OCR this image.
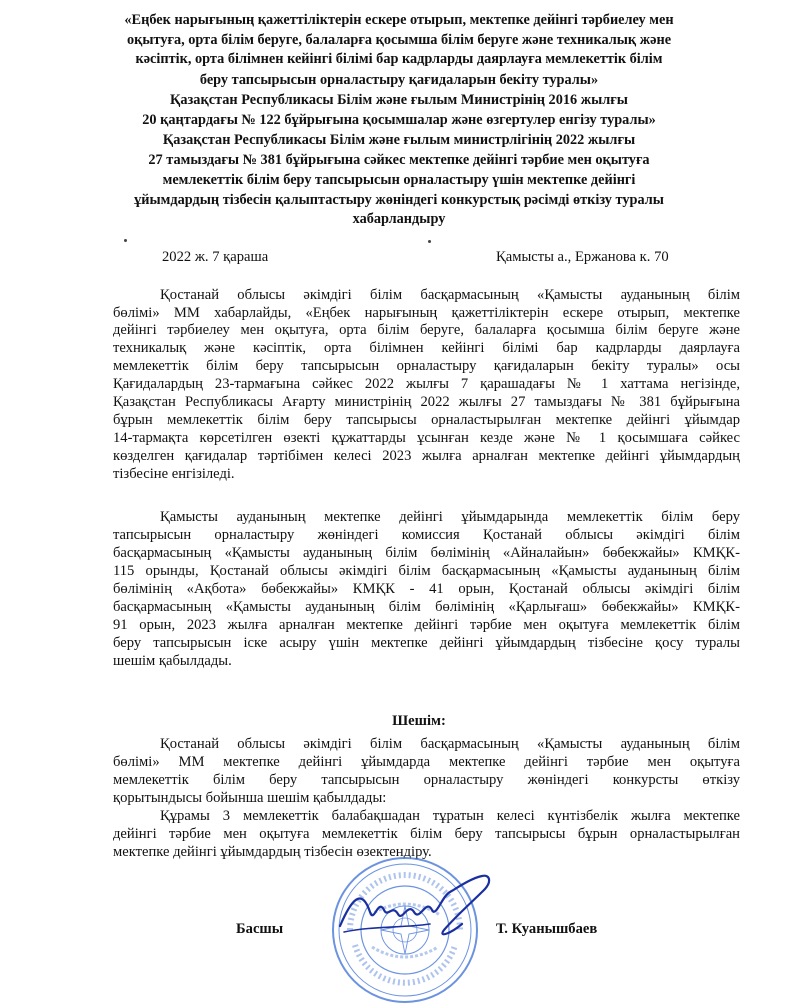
«Еңбек нарығының қажеттіліктерін ескере отырып, мектепке дейінгі тәрбиелеу мен
оқытуға, орта білім беруге, балаларға қосымша білім беруге және техникалық және
кәсіптік, орта білімнен кейінгі білімі бар кадрларды даярлауға мемлекеттік білім
беру тапсырысын орналастыру қағидаларын бекіту туралы»
Қазақстан Республикасы Білім және ғылым Министрінің 2016 жылғы
20 қаңтардағы № 122 бұйрығына қосымшалар және өзгертулер енгізу туралы»
Қазақстан Республикасы Білім және ғылым министрлігінің 2022 жылғы
27 тамыздағы № 381 бұйрығына сәйкес мектепке дейінгі тәрбие мен оқытуға
мемлекеттік білім беру тапсырысын орналастыру үшін мектепке дейінгі
ұйымдардың тізбесін қалыптастыру жөніндегі конкурстық рәсімді өткізу туралы
хабарландыру
2022 ж. 7 қараша	Қамысты а., Ержанова к. 70
Қостанай облысы әкімдігі білім басқармасының «Қамысты ауданының білім
бөлімі» ММ хабарлайды, «Еңбек нарығының қажеттіліктерін ескере отырып, мектепке
дейінгі тәрбиелеу мен оқытуға, орта білім беруге, балаларға қосымша білім беруге және
техникалық және кәсіптік, орта білімнен кейінгі білімі бар кадрларды даярлауға
мемлекеттік білім беру тапсырысын орналастыру қағидаларын бекіту туралы» осы
Қағидалардың 23-тармағына сәйкес 2022 жылғы 7 қарашадағы № 1 хаттама негізінде,
Қазақстан Республикасы Ағарту министрінің 2022 жылғы 27 тамыздағы № 381 бұйрығына
бұрын мемлекеттік білім беру тапсырысы орналастырылған мектепке дейінгі ұйымдар
14-тармақта көрсетілген өзекті құжаттарды ұсынған кезде және № 1 қосымшаға сәйкес
көзделген қағидалар тәртібімен келесі 2023 жылға арналған мектепке дейінгі ұйымдардың
тізбесіне енгізіледі.
Қамысты ауданының мектепке дейінгі ұйымдарында мемлекеттік білім беру
тапсырысын орналастыру жөніндегі комиссия Қостанай облысы әкімдігі білім
басқармасының «Қамысты ауданының білім бөлімінің «Айналайын» бөбекжайы» КМҚК-
115 орынды, Қостанай облысы әкімдігі білім басқармасының «Қамысты ауданының білім
бөлімінің «Ақбота» бөбекжайы» КМҚК - 41 орын, Қостанай облысы әкімдігі білім
басқармасының «Қамысты ауданының білім бөлімінің «Қарлығаш» бөбекжайы» КМҚК-
91 орын, 2023 жылға арналған мектепке дейінгі тәрбие мен оқытуға мемлекеттік білім
беру тапсырысын іске асыру үшін мектепке дейінгі ұйымдардың тізбесіне қосу туралы
шешім қабылдады.
Шешім:
Қостанай облысы әкімдігі білім басқармасының «Қамысты ауданының білім
бөлімі» ММ мектепке дейінгі ұйымдарда мектепке дейінгі тәрбие мен оқытуға
мемлекеттік білім беру тапсырысын орналастыру жөніндегі конкурсты өткізу
қорытындысы бойынша шешім қабылдады:
Құрамы 3 мемлекеттік балабақшадан тұратын келесі күнтізбелік жылға мектепке
дейінгі тәрбие мен оқытуға мемлекеттік білім беру тапсырысы бұрын орналастырылған
мектепке дейінгі ұйымдардың тізбесін өзектендіру.
Басшы	Т. Куанышбаев
